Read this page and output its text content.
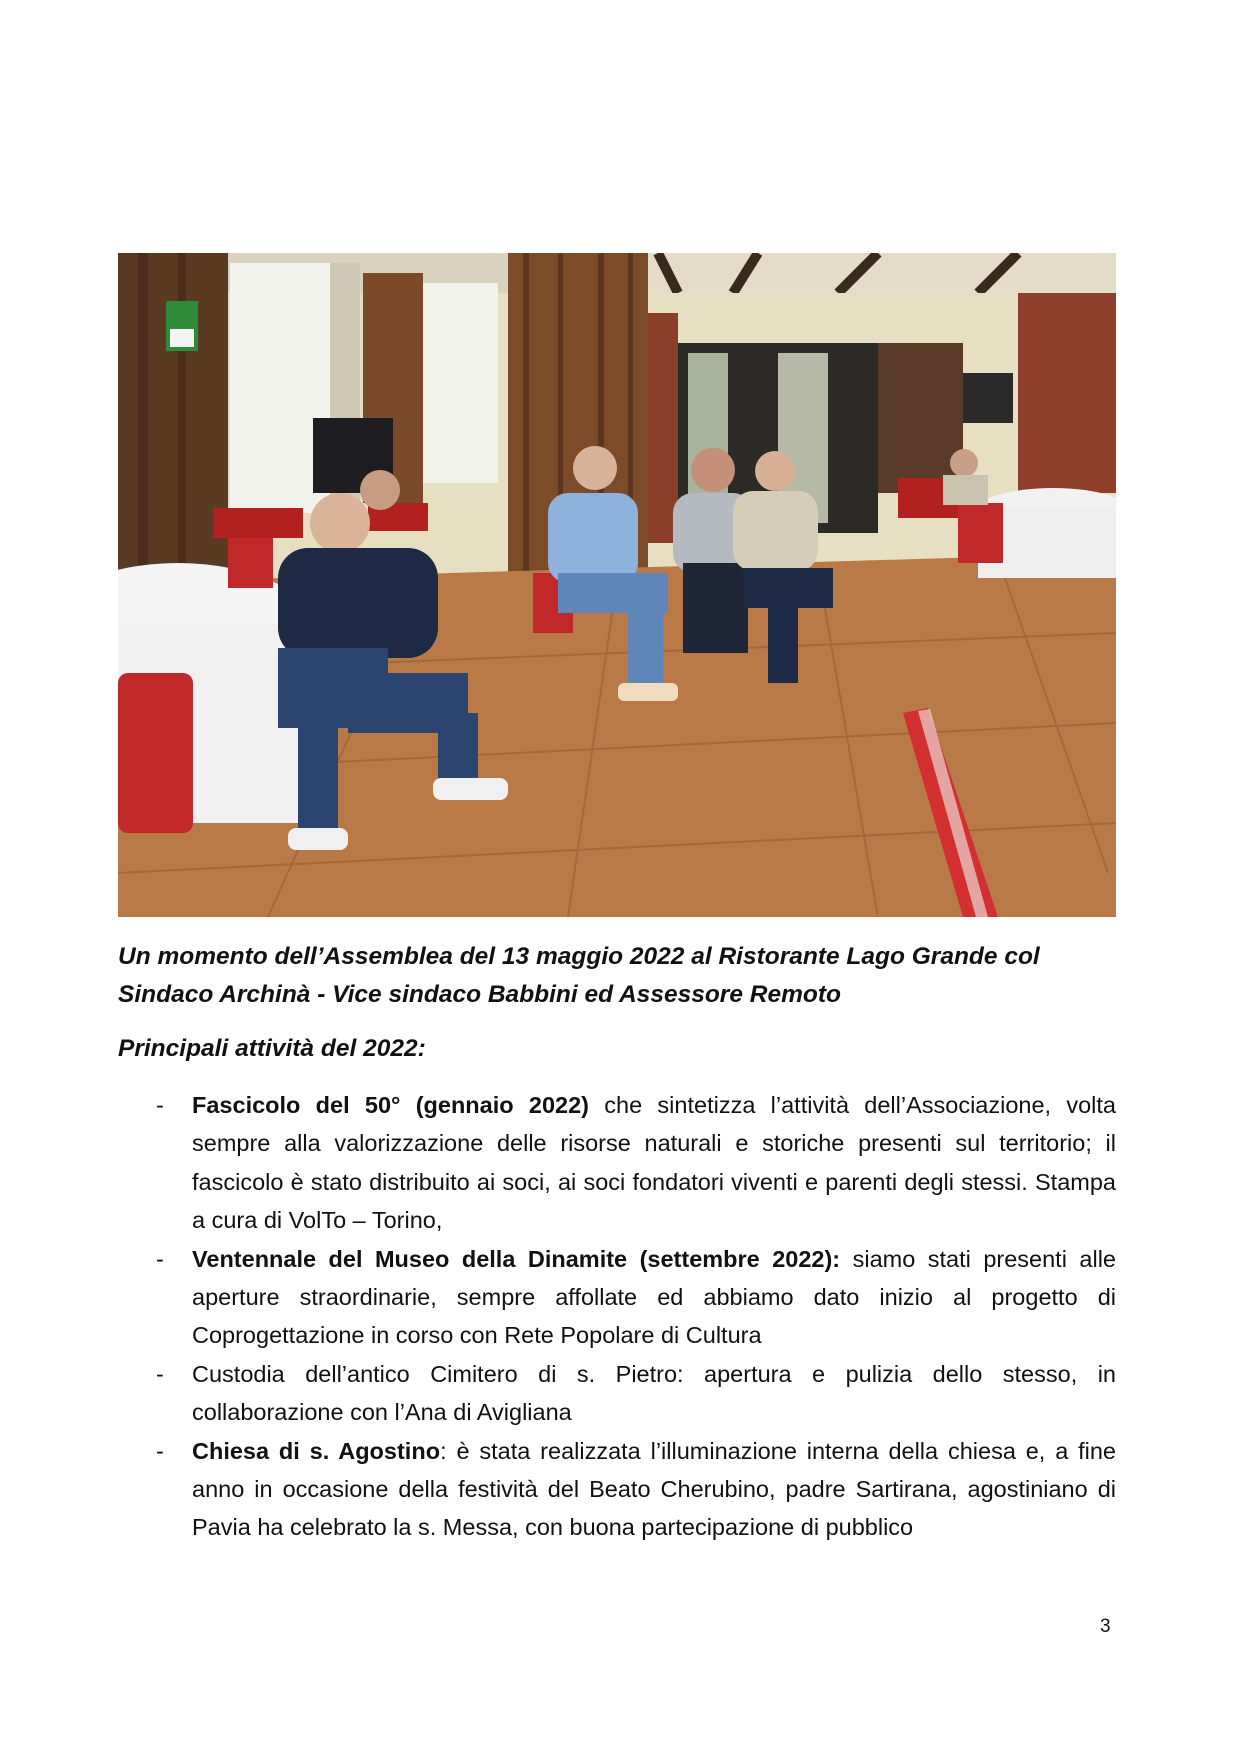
Un momento dell’Assemblea del 13 maggio 2022 al Ristorante Lago Grande col
Sindaco Archinà - Vice sindaco Babbini ed Assessore Remoto
Principali attività del 2022:
- Fascicolo del 50° (gennaio 2022) che sintetizza l’attività dell’Associazione, volta sempre alla valorizzazione delle risorse naturali e storiche presenti sul territorio; il fascicolo è stato distribuito ai soci, ai soci fondatori viventi e parenti degli stessi. Stampa a cura di VolTo – Torino,
- Ventennale del Museo della Dinamite (settembre 2022): siamo stati presenti alle aperture straordinarie, sempre affollate ed abbiamo dato inizio al progetto di Coprogettazione in corso con Rete Popolare di Cultura
- Custodia dell’antico Cimitero di s. Pietro: apertura e pulizia dello stesso, in collaborazione con l’Ana di Avigliana
- Chiesa di s. Agostino: è stata realizzata l’illuminazione interna della chiesa e, a fine anno in occasione della festività del Beato Cherubino, padre Sartirana, agostiniano di Pavia ha celebrato la s. Messa, con buona partecipazione di pubblico
3
